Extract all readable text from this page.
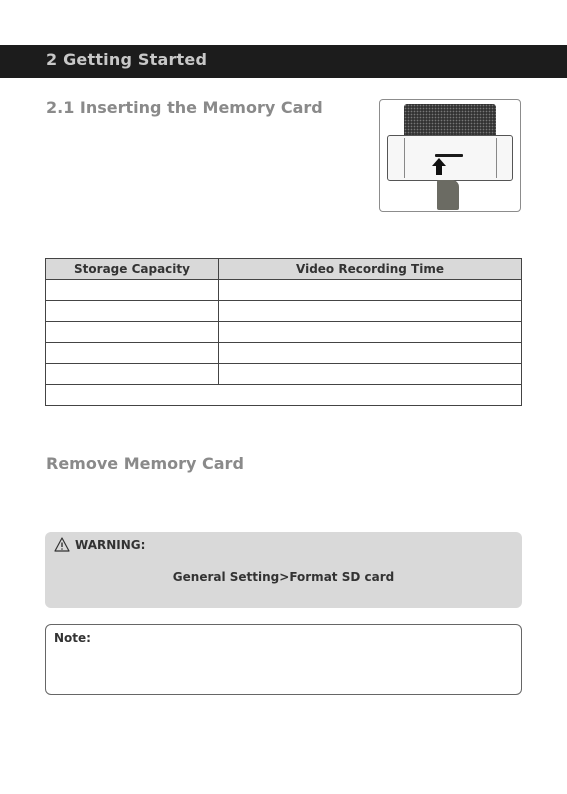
2 Getting Started
2.1 Inserting the Memory Card
Storage Capacity	Video Recording Time

Remove Memory Card
WARNING:
General Setting>Format SD card
Note:
